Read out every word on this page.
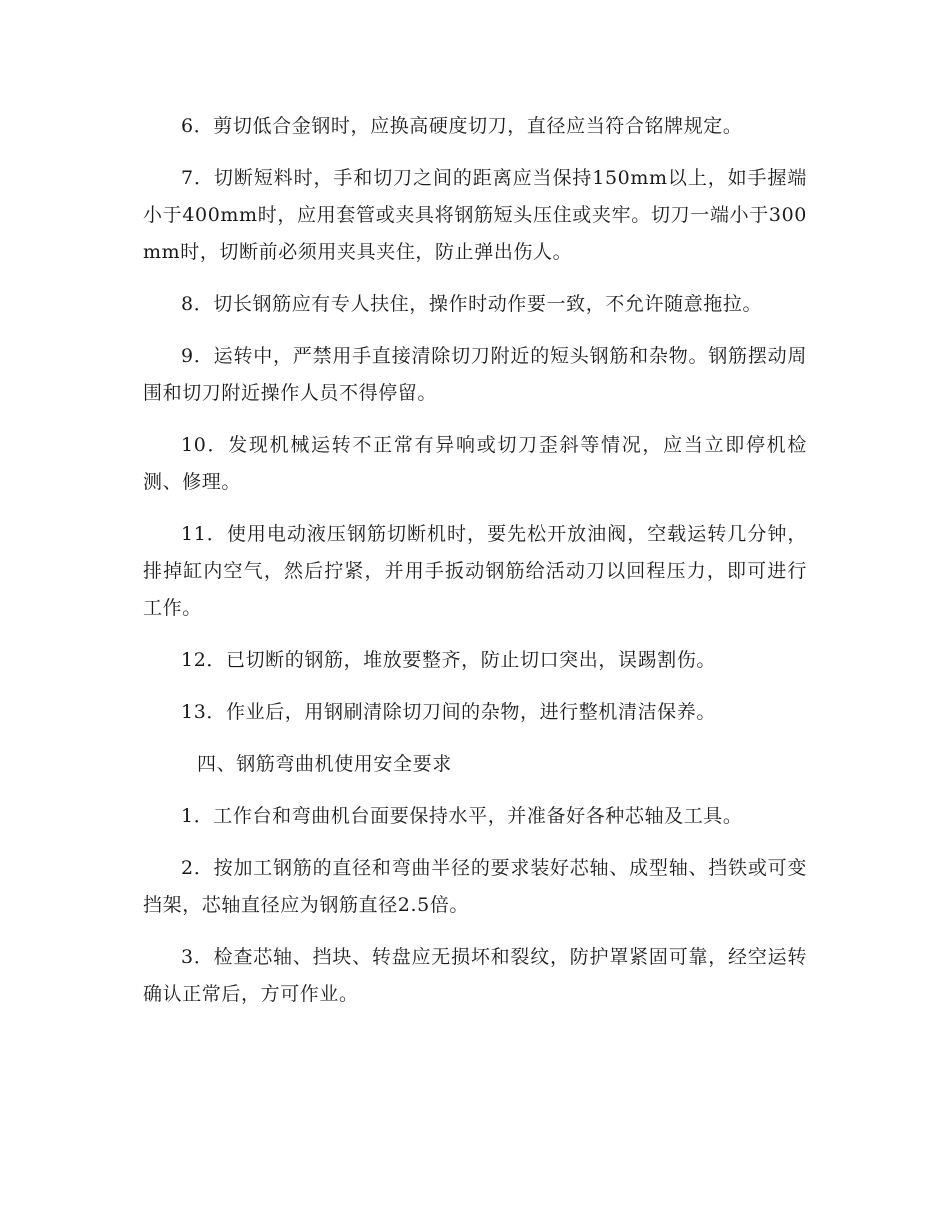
6．剪切低合金钢时，应换高硬度切刀，直径应当符合铭牌规定。

7．切断短料时，手和切刀之间的距离应当保持150mm以上，如手握端小于400mm时，应用套管或夹具将钢筋短头压住或夹牢。切刀一端小于300mm时，切断前必须用夹具夹住，防止弹出伤人。

8．切长钢筋应有专人扶住，操作时动作要一致，不允许随意拖拉。

9．运转中，严禁用手直接清除切刀附近的短头钢筋和杂物。钢筋摆动周围和切刀附近操作人员不得停留。

10．发现机械运转不正常有异响或切刀歪斜等情况，应当立即停机检测、修理。

11．使用电动液压钢筋切断机时，要先松开放油阀，空载运转几分钟，排掉缸内空气，然后拧紧，并用手扳动钢筋给活动刀以回程压力，即可进行工作。

12．已切断的钢筋，堆放要整齐，防止切口突出，误踢割伤。

13．作业后，用钢刷清除切刀间的杂物，进行整机清洁保养。

四、钢筋弯曲机使用安全要求

1．工作台和弯曲机台面要保持水平，并准备好各种芯轴及工具。

2．按加工钢筋的直径和弯曲半径的要求装好芯轴、成型轴、挡铁或可变挡架，芯轴直径应为钢筋直径2.5倍。

3．检查芯轴、挡块、转盘应无损坏和裂纹，防护罩紧固可靠，经空运转确认正常后，方可作业。
